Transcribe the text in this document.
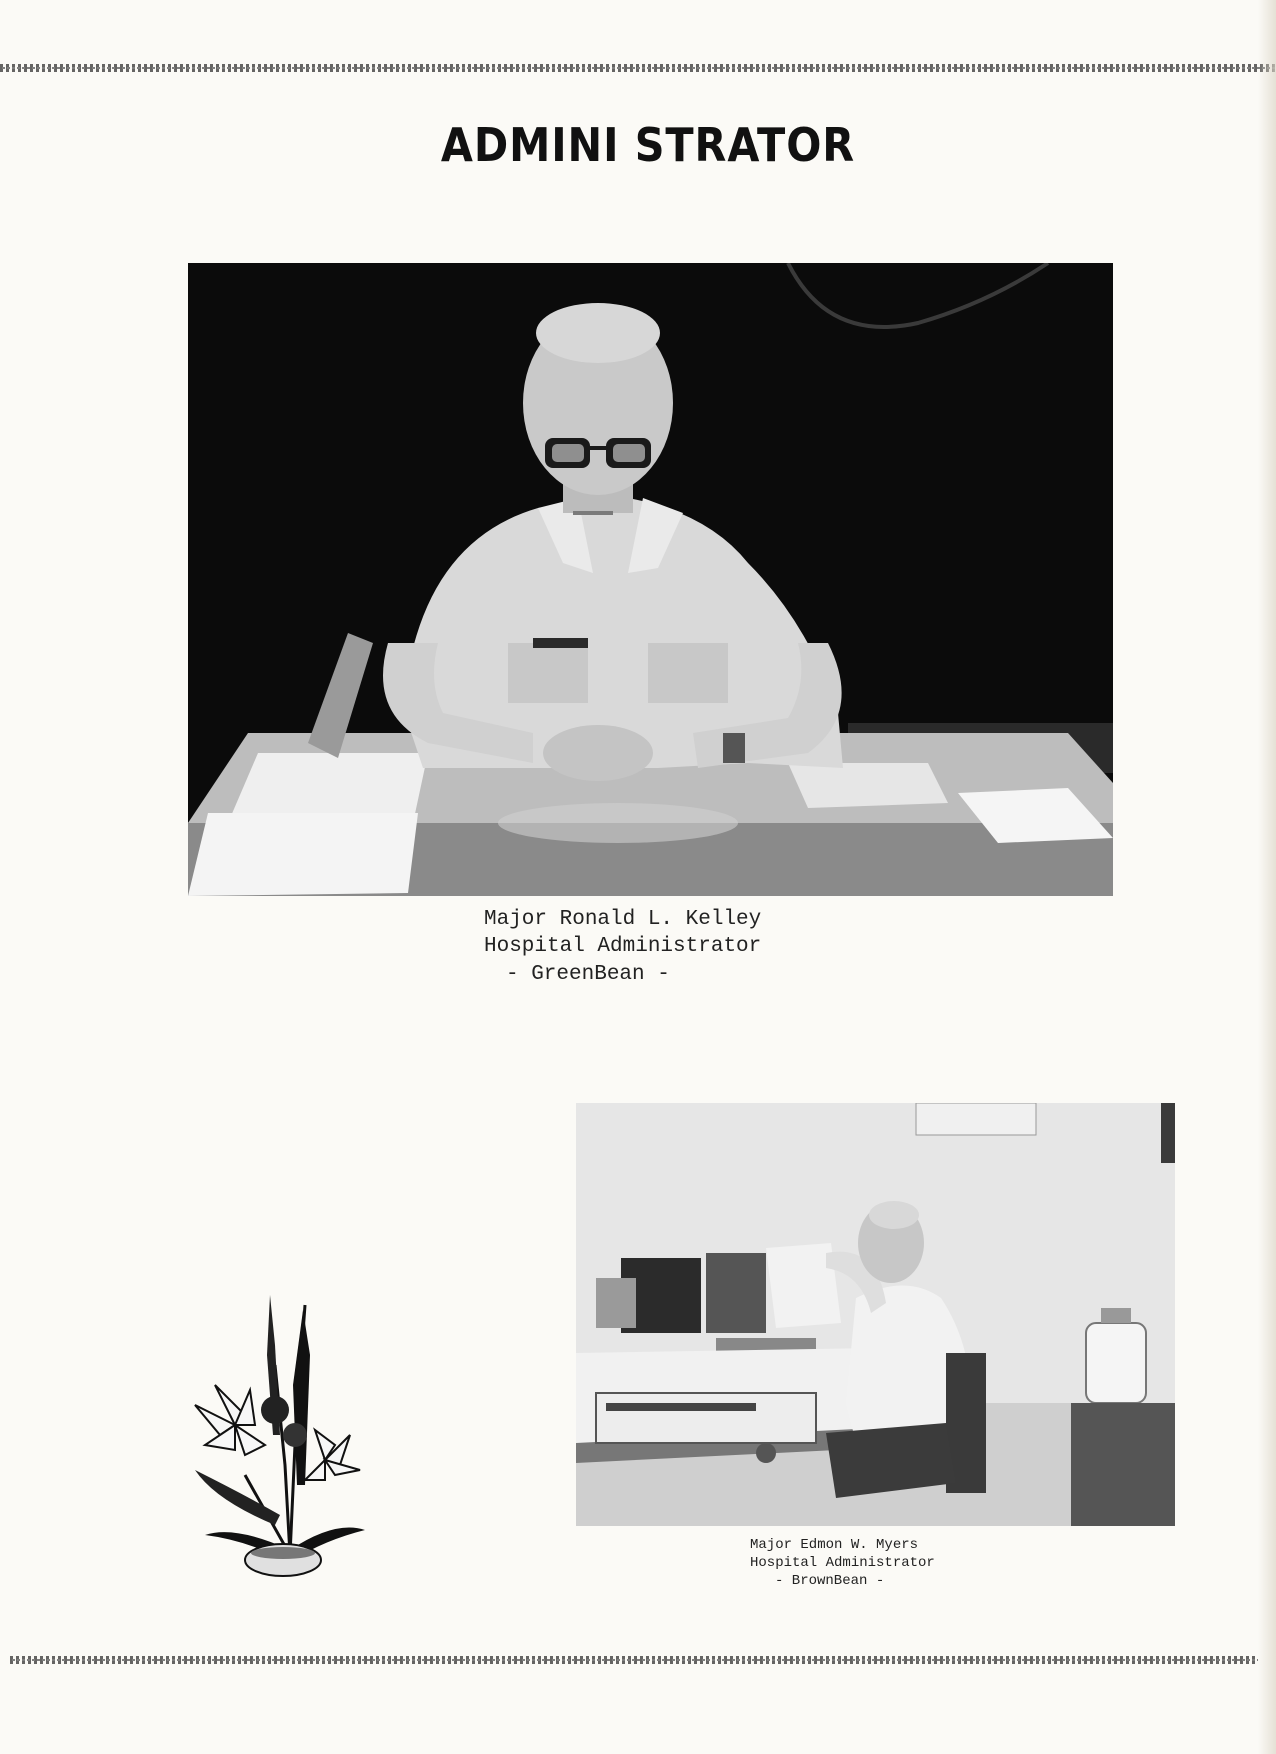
ADMINI STRATOR
Major Ronald L. Kelley
Hospital Administrator
- GreenBean -
Major Edmon W. Myers
Hospital Administrator
- BrownBean -
